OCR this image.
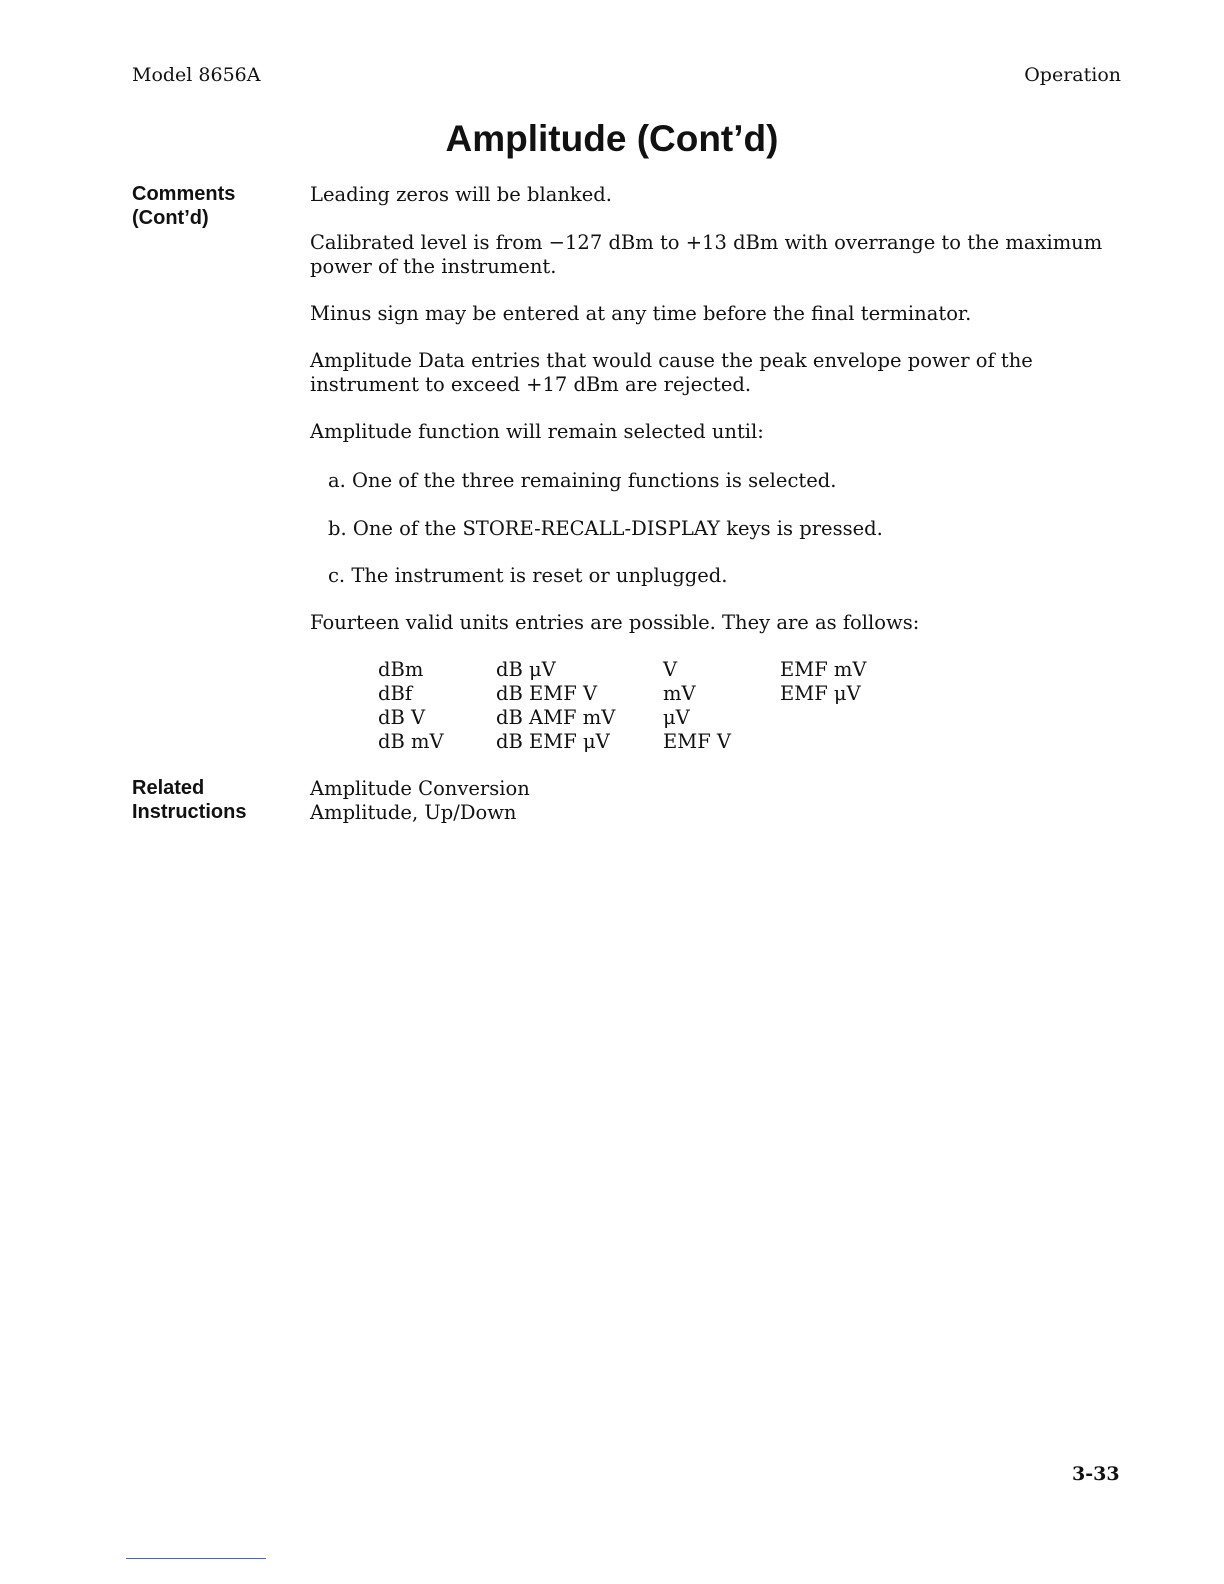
Model 8656A	Operation
Amplitude (Cont’d)
Comments
(Cont’d)

Leading zeros will be blanked.

Calibrated level is from −127 dBm to +13 dBm with overrange to the maximum power of the instrument.

Minus sign may be entered at any time before the final terminator.

Amplitude Data entries that would cause the peak envelope power of the instrument to exceed +17 dBm are rejected.

Amplitude function will remain selected until:

a. One of the three remaining functions is selected.
b. One of the STORE-RECALL-DISPLAY keys is pressed.
c. The instrument is reset or unplugged.
Fourteen valid units entries are possible. They are as follows:
dBm	dB μV	V	EMF mV
dBf	dB EMF V	mV	EMF μV
dB V	dB AMF mV	μV
dB mV	dB EMF μV	EMF V
Related
Instructions
Amplitude Conversion
Amplitude, Up/Down
3-33
